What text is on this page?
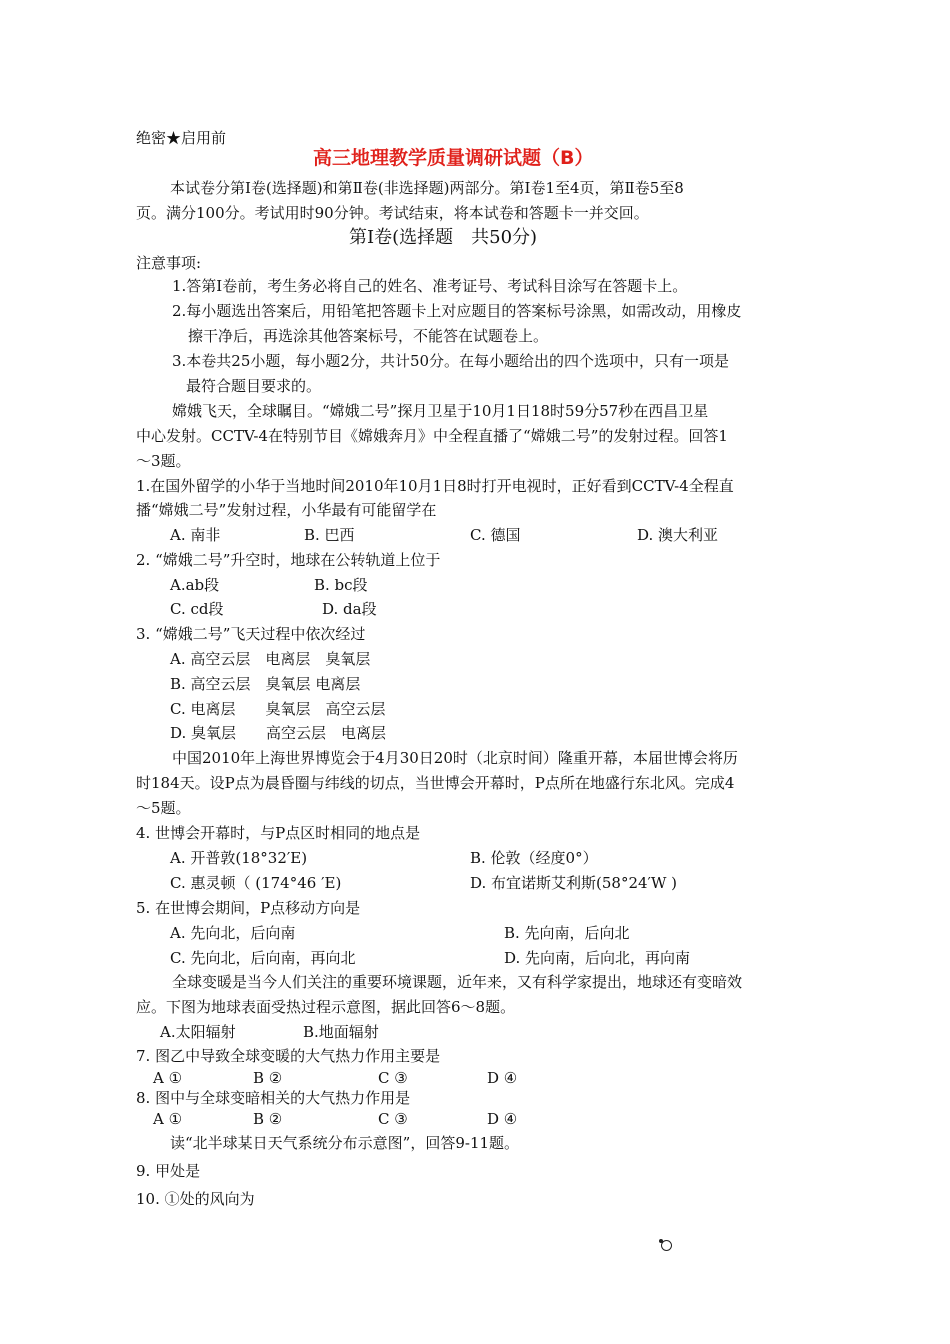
绝密★启用前
高三地理教学质量调研试题（B）
本试卷分第Ⅰ卷(选择题)和第Ⅱ卷(非选择题)两部分。第Ⅰ卷1至4页，第Ⅱ卷5至8
页。满分100分。考试用时90分钟。考试结束，将本试卷和答题卡一并交回。
第Ⅰ卷(选择题　共50分)
注意事项:
1.答第Ⅰ卷前，考生务必将自己的姓名、准考证号、考试科目涂写在答题卡上。
2.每小题选出答案后，用铅笔把答题卡上对应题目的答案标号涂黑，如需改动，用橡皮
擦干净后，再选涂其他答案标号，不能答在试题卷上。
3.本卷共25小题，每小题2分，共计50分。在每小题给出的四个选项中，只有一项是
最符合题目要求的。
嫦娥飞天，全球瞩目。“嫦娥二号”探月卫星于10月1日18时59分57秒在西昌卫星
中心发射。CCTV-4在特别节目《嫦娥奔月》中全程直播了“嫦娥二号”的发射过程。回答1
～3题。
1.在国外留学的小华于当地时间2010年10月1日8时打开电视时，正好看到CCTV-4全程直
播“嫦娥二号”发射过程，小华最有可能留学在
A. 南非	B. 巴西	C. 德国	D. 澳大利亚
2. “嫦娥二号”升空时，地球在公转轨道上位于
A.ab段	B. bc段
C. cd段	D. da段
3. “嫦娥二号”飞天过程中依次经过
A. 高空云层　电离层　臭氧层
B. 高空云层　臭氧层 电离层
C. 电离层　　臭氧层　高空云层
D. 臭氧层　　高空云层　电离层
中国2010年上海世界博览会于4月30日20时（北京时间）隆重开幕，本届世博会将历
时184天。设P点为晨昏圈与纬线的切点，当世博会开幕时，P点所在地盛行东北风。完成4
～5题。
4. 世博会开幕时，与P点区时相同的地点是
A. 开普敦(18°32′E)	B. 伦敦（经度0°）
C. 惠灵顿（ (174°46 ′E)	D. 布宜诺斯艾利斯(58°24′W )
5. 在世博会期间，P点移动方向是
A. 先向北，后向南	B. 先向南，后向北
C. 先向北，后向南，再向北	D. 先向南，后向北，再向南
全球变暖是当今人们关注的重要环境课题，近年来，又有科学家提出，地球还有变暗效
应。下图为地球表面受热过程示意图，据此回答6～8题。
A.太阳辐射	B.地面辐射
7. 图乙中导致全球变暖的大气热力作用主要是
A ①	B ②	C ③	D ④
8. 图中与全球变暗相关的大气热力作用是
A ①	B ②	C ③	D ④
读“北半球某日天气系统分布示意图”，回答9-11题。
9. 甲处是
10. ①处的风向为
